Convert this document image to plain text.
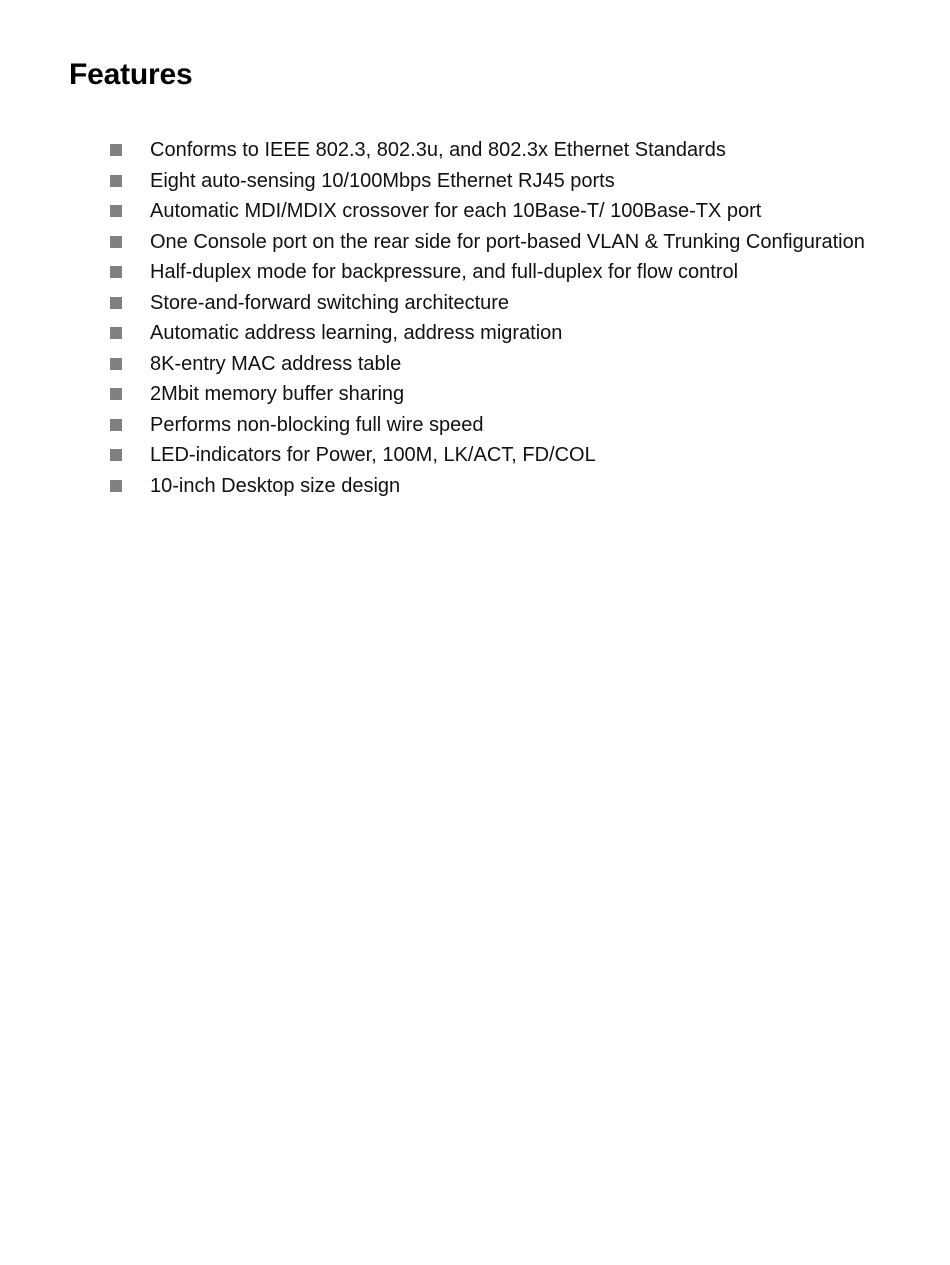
Features
Conforms to IEEE 802.3, 802.3u, and 802.3x Ethernet Standards
Eight auto-sensing 10/100Mbps Ethernet RJ45 ports
Automatic MDI/MDIX crossover for each 10Base-T/ 100Base-TX port
One Console port on the rear side for port-based VLAN & Trunking Configuration
Half-duplex mode for backpressure, and full-duplex for flow control
Store-and-forward switching architecture
Automatic address learning, address migration
8K-entry MAC address table
2Mbit memory buffer sharing
Performs non-blocking full wire speed
LED-indicators for Power, 100M, LK/ACT, FD/COL
10-inch Desktop size design
